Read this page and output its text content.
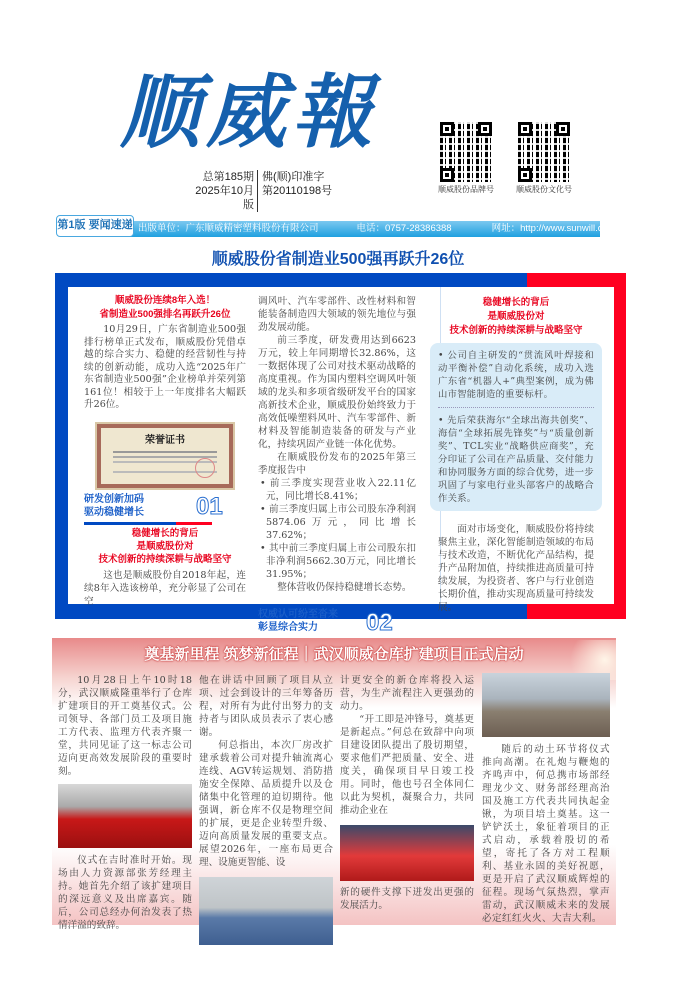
顺威報
总第185期
2025年10月版
佛(顺)印准字
第20110198号	顺威股份品牌号	顺威股份文化号
出版单位：广东顺威精密塑料股份有限公司	电话：0757-28386388	网址：http://www.sunwill.com.cn/
第1版 要闻速递
顺威股份省制造业500强再跃升26位
顺威股份连续8年入选！
省制造业500强排名再跃升26位
10月29日，广东省制造业500强排行榜单正式发布，顺威股份凭借卓越的综合实力、稳健的经营韧性与持续的创新动能，成功入选“2025年广东省制造业500强”企业榜单并荣列第161位！相较于上一年度排名大幅跃升26位。
荣誉证书
研发创新加码
驱动稳健增长	01
稳健增长的背后
是顺威股份对
技术创新的持续深耕与战略坚守
这也是顺威股份自2018年起，连续8年入选该榜单，充分彰显了公司在空
调风叶、汽车零部件、改性材料和智能装备制造四大领域的领先地位与强劲发展动能。
前三季度，研发费用达到6623万元，较上年同期增长32.86%，这一数据体现了公司对技术驱动战略的高度重视。作为国内塑料空调风叶领域的龙头和多项省级研发平台的国家高新技术企业，顺威股份始终致力于高效低噪塑料风叶、汽车零部件、新材料及智能制造装备的研发与产业化，持续巩固产业链一体化优势。
在顺威股份发布的2025年第三季度报告中
• 前三季度实现营业收入22.11亿元，同比增长8.41%；
• 前三季度归属上市公司股东净利润5874.06万元，同比增长37.62%；
• 其中前三季度归属上市公司股东扣非净利润5662.30万元，同比增长31.95%；
整体营收仍保持稳健增长态势。
权威认可纷至沓来
彰显综合实力	02
稳健增长的背后
是顺威股份对
技术创新的持续深耕与战略坚守
• 公司自主研发的“贯流风叶焊接和动平衡补偿”自动化系统，成功入选广东省“机器人+”典型案例，成为佛山市智能制造的重要标杆。
• 先后荣获海尔“全球出海共创奖”、海信“全球拓展先锋奖”与“质量创新奖”、TCL实业“战略供应商奖”，充分印证了公司在产品质量、交付能力和协同服务方面的综合优势，进一步巩固了与家电行业头部客户的战略合作关系。
面对市场变化，顺威股份将持续聚焦主业，深化智能制造领域的布局与技术改造，不断优化产品结构，提升产品附加值，持续推进高质量可持续发展，为投资者、客户与行业创造长期价值，推动实现高质量可持续发展。
奠基新里程 筑梦新征程｜武汉顺威仓库扩建项目正式启动
10月28日上午10时18分，武汉顺威隆重举行了仓库扩建项目的开工奠基仪式。公司领导、各部门员工及项目施工方代表、监理方代表齐聚一堂，共同见证了这一标志公司迈向更高效发展阶段的重要时刻。
仪式在吉时准时开始。现场由人力资源部张芳经理主持。她首先介绍了该扩建项目的深远意义及出席嘉宾。随后，公司总经办何治发表了热情洋溢的致辞。
他在讲话中回顾了项目从立项、过会到设计的三年筹备历程，对所有为此付出努力的支持者与团队成员表示了衷心感谢。
何总指出，本次厂房改扩建承载着公司对提升轴流离心连线、AGV转运规划、消防措施安全保障、品质提升以及仓储集中化管理的迫切期待。他强调，新仓库不仅是物理空间的扩展，更是企业转型升级、迈向高质量发展的重要支点。展望2026年，一座布局更合理、设施更智能、设
计更安全的新仓库将投入运营，为生产流程注入更强劲的动力。
“开工即是冲锋号，奠基更是新起点。”何总在致辞中向项目建设团队提出了殷切期望，要求他们严把质量、安全、进度关，确保项目早日竣工投用。同时，他也号召全体同仁以此为契机，凝聚合力，共同推动企业在
新的硬件支撑下迸发出更强的发展活力。
随后的动土环节将仪式推向高潮。在礼炮与鞭炮的齐鸣声中，何总携市场部经理龙少文、财务部经理高治国及施工方代表共同执起金锹，为项目培土奠基。这一铲铲沃土，象征着项目的正式启动，承载着殷切的希望，寄托了各方对工程顺利、基业永固的美好祝愿，更是开启了武汉顺威辉煌的征程。现场气氛热烈，掌声雷动，武汉顺威未来的发展必定红红火火、大吉大利。
